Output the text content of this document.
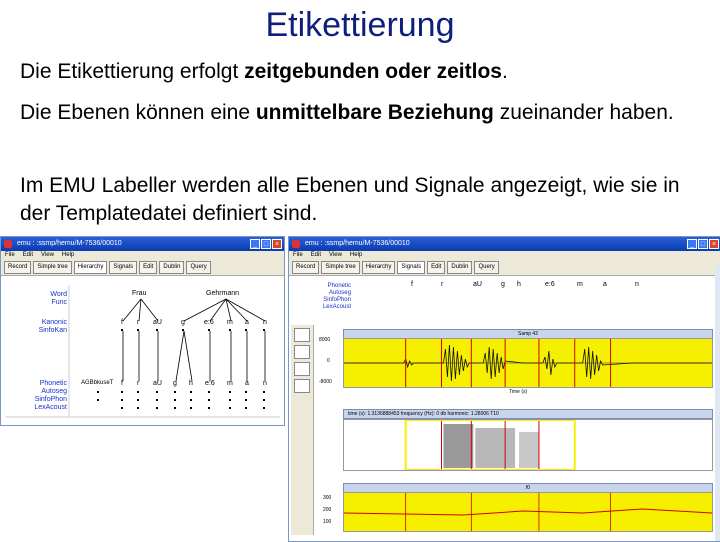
Etikettierung
Die Etikettierung erfolgt zeitgebunden oder zeitlos.
Die Ebenen können eine unmittelbare Beziehung zueinander haben.
Im EMU Labeller werden alle Ebenen und Signale angezeigt, wie sie in der Templatedatei definiert sind.
emu : :ssmp/hemu/M-7536/00010	_ □ ×
File Edit View Help
Record	Simple tree	Hierarchy	Signals	Edit	Dublin	Query
Word
Func
Kanonic
SinfoKan
Phonetic
Autoseg
SinfoPhon
LexAcoust
Frau	Gehrmann
f r aU	g	e:6 m a n
AGBbkuseT f r aU g h e:6 m a n
emu : :ssmp/hemu/M-7536/00010	_ □ ×
File Edit View Help
Record	Simple tree	Hierarchy	Signals	Edit	Dublin	Query
Phonetic
Autoseg
SinfoPhon
LexAcoust
f	r	aU	g h	e:6	m	a	n
Samp 42
8000
0
-8000
Time (s)
time (s): 1.3136888453 frequency (Hz): 0 db harmonic: 1.28006 T10
f0
300
200
100
